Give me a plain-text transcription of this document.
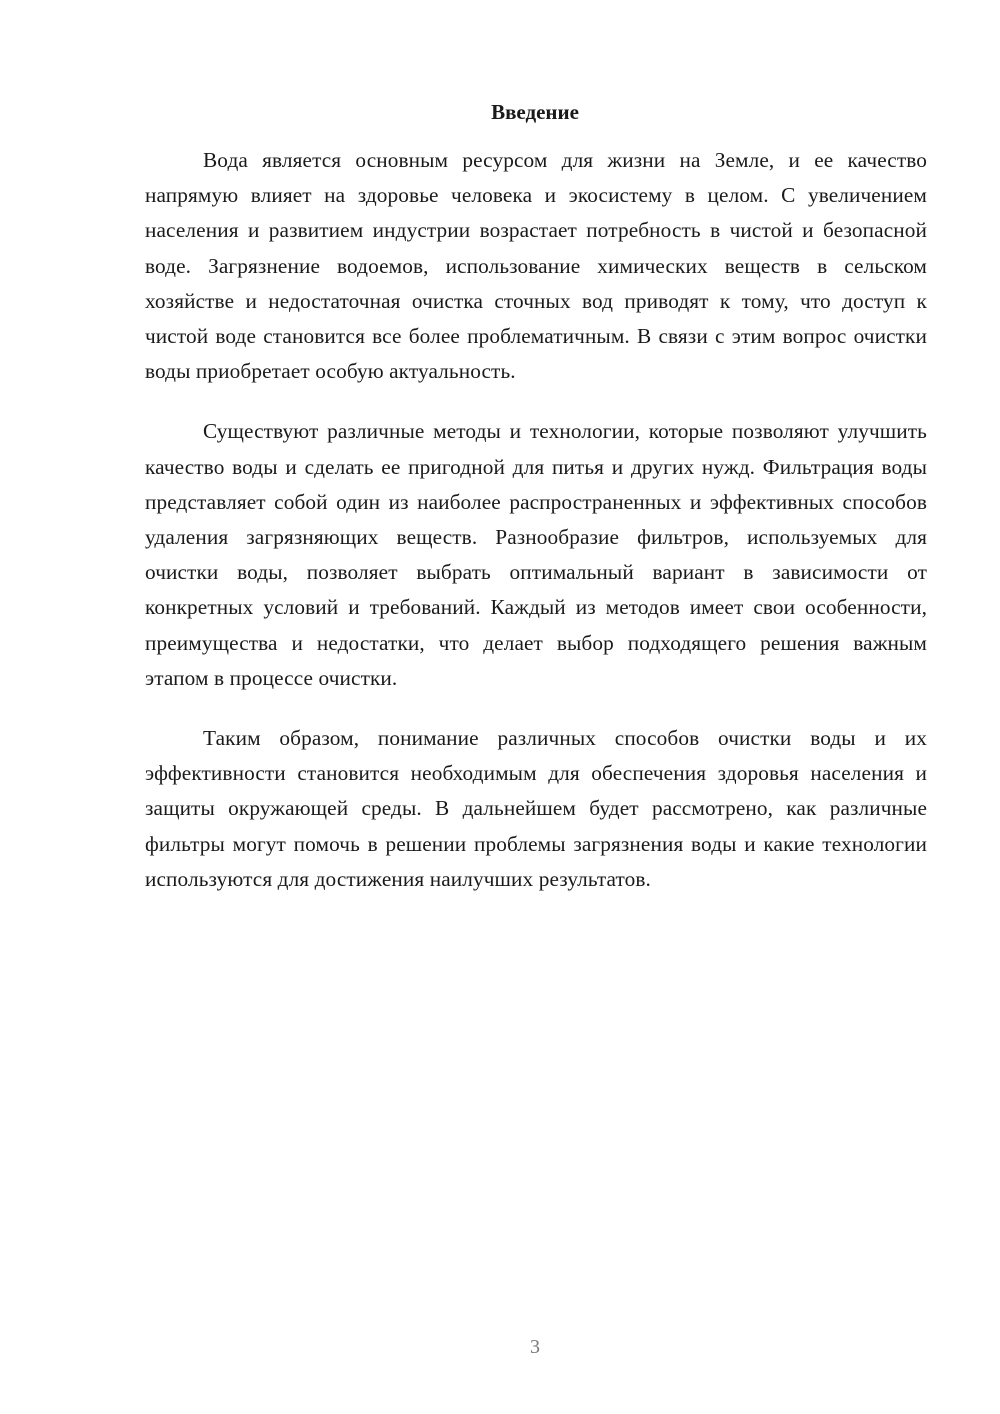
Введение

Вода является основным ресурсом для жизни на Земле, и ее качество напрямую влияет на здоровье человека и экосистему в целом. С увеличением населения и развитием индустрии возрастает потребность в чистой и безопасной воде. Загрязнение водоемов, использование химических веществ в сельском хозяйстве и недостаточная очистка сточных вод приводят к тому, что доступ к чистой воде становится все более проблематичным. В связи с этим вопрос очистки воды приобретает особую актуальность.

Существуют различные методы и технологии, которые позволяют улучшить качество воды и сделать ее пригодной для питья и других нужд. Фильтрация воды представляет собой один из наиболее распространенных и эффективных способов удаления загрязняющих веществ. Разнообразие фильтров, используемых для очистки воды, позволяет выбрать оптимальный вариант в зависимости от конкретных условий и требований. Каждый из методов имеет свои особенности, преимущества и недостатки, что делает выбор подходящего решения важным этапом в процессе очистки.

Таким образом, понимание различных способов очистки воды и их эффективности становится необходимым для обеспечения здоровья населения и защиты окружающей среды. В дальнейшем будет рассмотрено, как различные фильтры могут помочь в решении проблемы загрязнения воды и какие технологии используются для достижения наилучших результатов.

3
